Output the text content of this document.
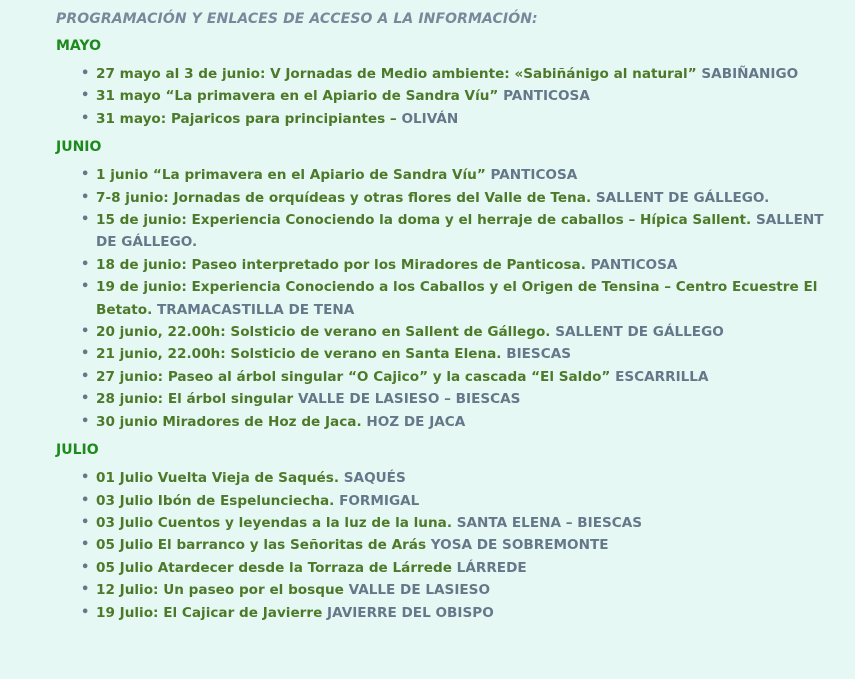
PROGRAMACIÓN Y ENLACES DE ACCESO A LA INFORMACIÓN:
MAYO
• 27 mayo al 3 de junio: V Jornadas de Medio ambiente: «Sabiñánigo al natural” SABIÑANIGO
• 31 mayo “La primavera en el Apiario de Sandra Víu” PANTICOSA
• 31 mayo: Pajaricos para principiantes – OLIVÁN
JUNIO
• 1 junio “La primavera en el Apiario de Sandra Víu” PANTICOSA
• 7-8 junio: Jornadas de orquídeas y otras flores del Valle de Tena. SALLENT DE GÁLLEGO.
• 15 de junio: Experiencia Conociendo la doma y el herraje de caballos – Hípica Sallent. SALLENT DE GÁLLEGO.
• 18 de junio: Paseo interpretado por los Miradores de Panticosa. PANTICOSA
• 19 de junio: Experiencia Conociendo a los Caballos y el Origen de Tensina – Centro Ecuestre El Betato. TRAMACASTILLA DE TENA
• 20 junio, 22.00h: Solsticio de verano en Sallent de Gállego. SALLENT DE GÁLLEGO
• 21 junio, 22.00h: Solsticio de verano en Santa Elena. BIESCAS
• 27 junio: Paseo al árbol singular “O Cajico” y la cascada “El Saldo” ESCARRILLA
• 28 junio: El árbol singular VALLE DE LASIESO – BIESCAS
• 30 junio Miradores de Hoz de Jaca. HOZ DE JACA
JULIO
• 01 Julio Vuelta Vieja de Saqués. SAQUÉS
• 03 Julio Ibón de Espelunciecha. FORMIGAL
• 03 Julio Cuentos y leyendas a la luz de la luna. SANTA ELENA – BIESCAS
• 05 Julio El barranco y las Señoritas de Arás YOSA DE SOBREMONTE
• 05 Julio Atardecer desde la Torraza de Lárrede LÁRREDE
• 12 Julio: Un paseo por el bosque VALLE DE LASIESO
• 19 Julio: El Cajicar de Javierre JAVIERRE DEL OBISPO
